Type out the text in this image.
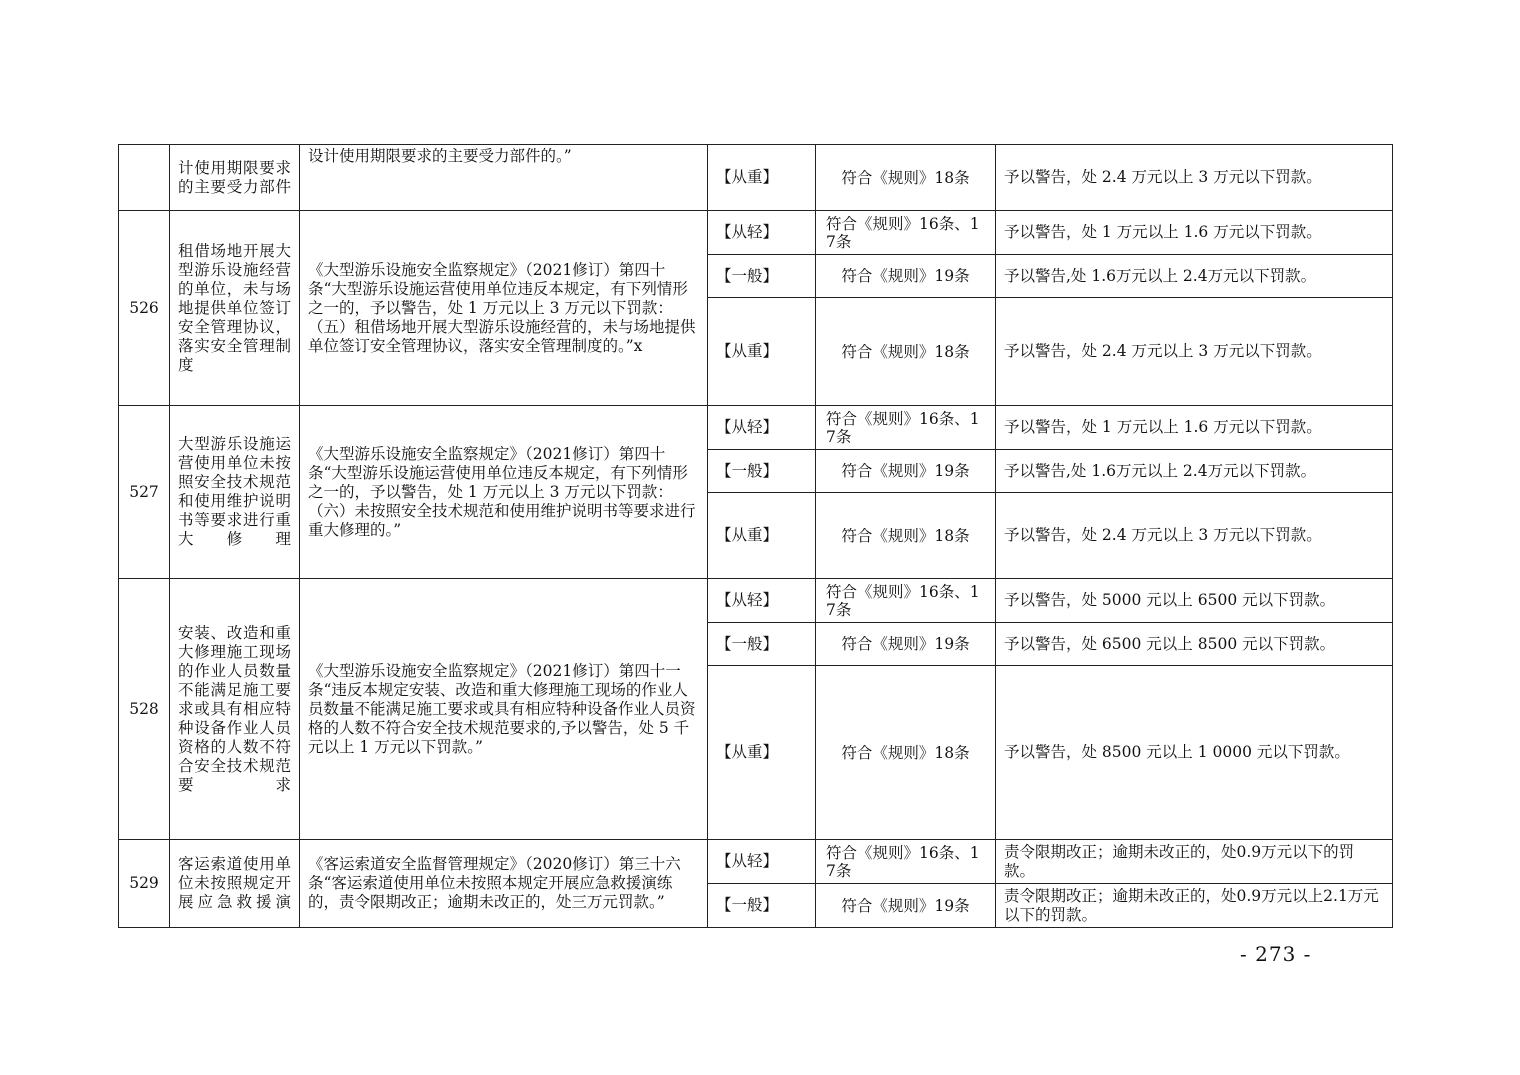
	计使用期限要求的主要受力部件	设计使用期限要求的主要受力部件的。”	【从重】	符合《规则》18条	予以警告，处 2.4 万元以上 3 万元以下罚款。
526	租借场地开展大型游乐设施经营的单位，未与场地提供单位签订安全管理协议，落实安全管理制度	《大型游乐设施安全监察规定》（2021修订）第四十条“大型游乐设施运营使用单位违反本规定，有下列情形之一的，予以警告，处 1 万元以上 3 万元以下罚款：（五）租借场地开展大型游乐设施经营的，未与场地提供单位签订安全管理协议，落实安全管理制度的。”x	【从轻】	符合《规则》16条、17条	予以警告，处 1 万元以上 1.6 万元以下罚款。
			【一般】	符合《规则》19条	予以警告,处 1.6万元以上 2.4万元以下罚款。
			【从重】	符合《规则》18条	予以警告，处 2.4 万元以上 3 万元以下罚款。
527	大型游乐设施运营使用单位未按照安全技术规范和使用维护说明书等要求进行重大修理	《大型游乐设施安全监察规定》（2021修订）第四十条“大型游乐设施运营使用单位违反本规定，有下列情形之一的，予以警告，处 1 万元以上 3 万元以下罚款：（六）未按照安全技术规范和使用维护说明书等要求进行重大修理的。”	【从轻】	符合《规则》16条、17条	予以警告，处 1 万元以上 1.6 万元以下罚款。
			【一般】	符合《规则》19条	予以警告,处 1.6万元以上 2.4万元以下罚款。
			【从重】	符合《规则》18条	予以警告，处 2.4 万元以上 3 万元以下罚款。
528	安装、改造和重大修理施工现场的作业人员数量不能满足施工要求或具有相应特种设备作业人员资格的人数不符合安全技术规范要求	《大型游乐设施安全监察规定》（2021修订）第四十一条“违反本规定安装、改造和重大修理施工现场的作业人员数量不能满足施工要求或具有相应特种设备作业人员资格的人数不符合安全技术规范要求的,予以警告，处 5 千元以上 1 万元以下罚款。”	【从轻】	符合《规则》16条、17条	予以警告，处 5000 元以上 6500 元以下罚款。
			【一般】	符合《规则》19条	予以警告，处 6500 元以上 8500 元以下罚款。
			【从重】	符合《规则》18条	予以警告，处 8500 元以上 1 0000 元以下罚款。
529	客运索道使用单位未按照规定开展应急救援演	《客运索道安全监督管理规定》（2020修订）第三十六条“客运索道使用单位未按照本规定开展应急救援演练的，责令限期改正；逾期未改正的，处三万元罚款。”	【从轻】	符合《规则》16条、17条	责令限期改正；逾期未改正的，处0.9万元以下的罚款。
			【一般】	符合《规则》19条	责令限期改正；逾期未改正的，处0.9万元以上2.1万元以下的罚款。
- 273 -
